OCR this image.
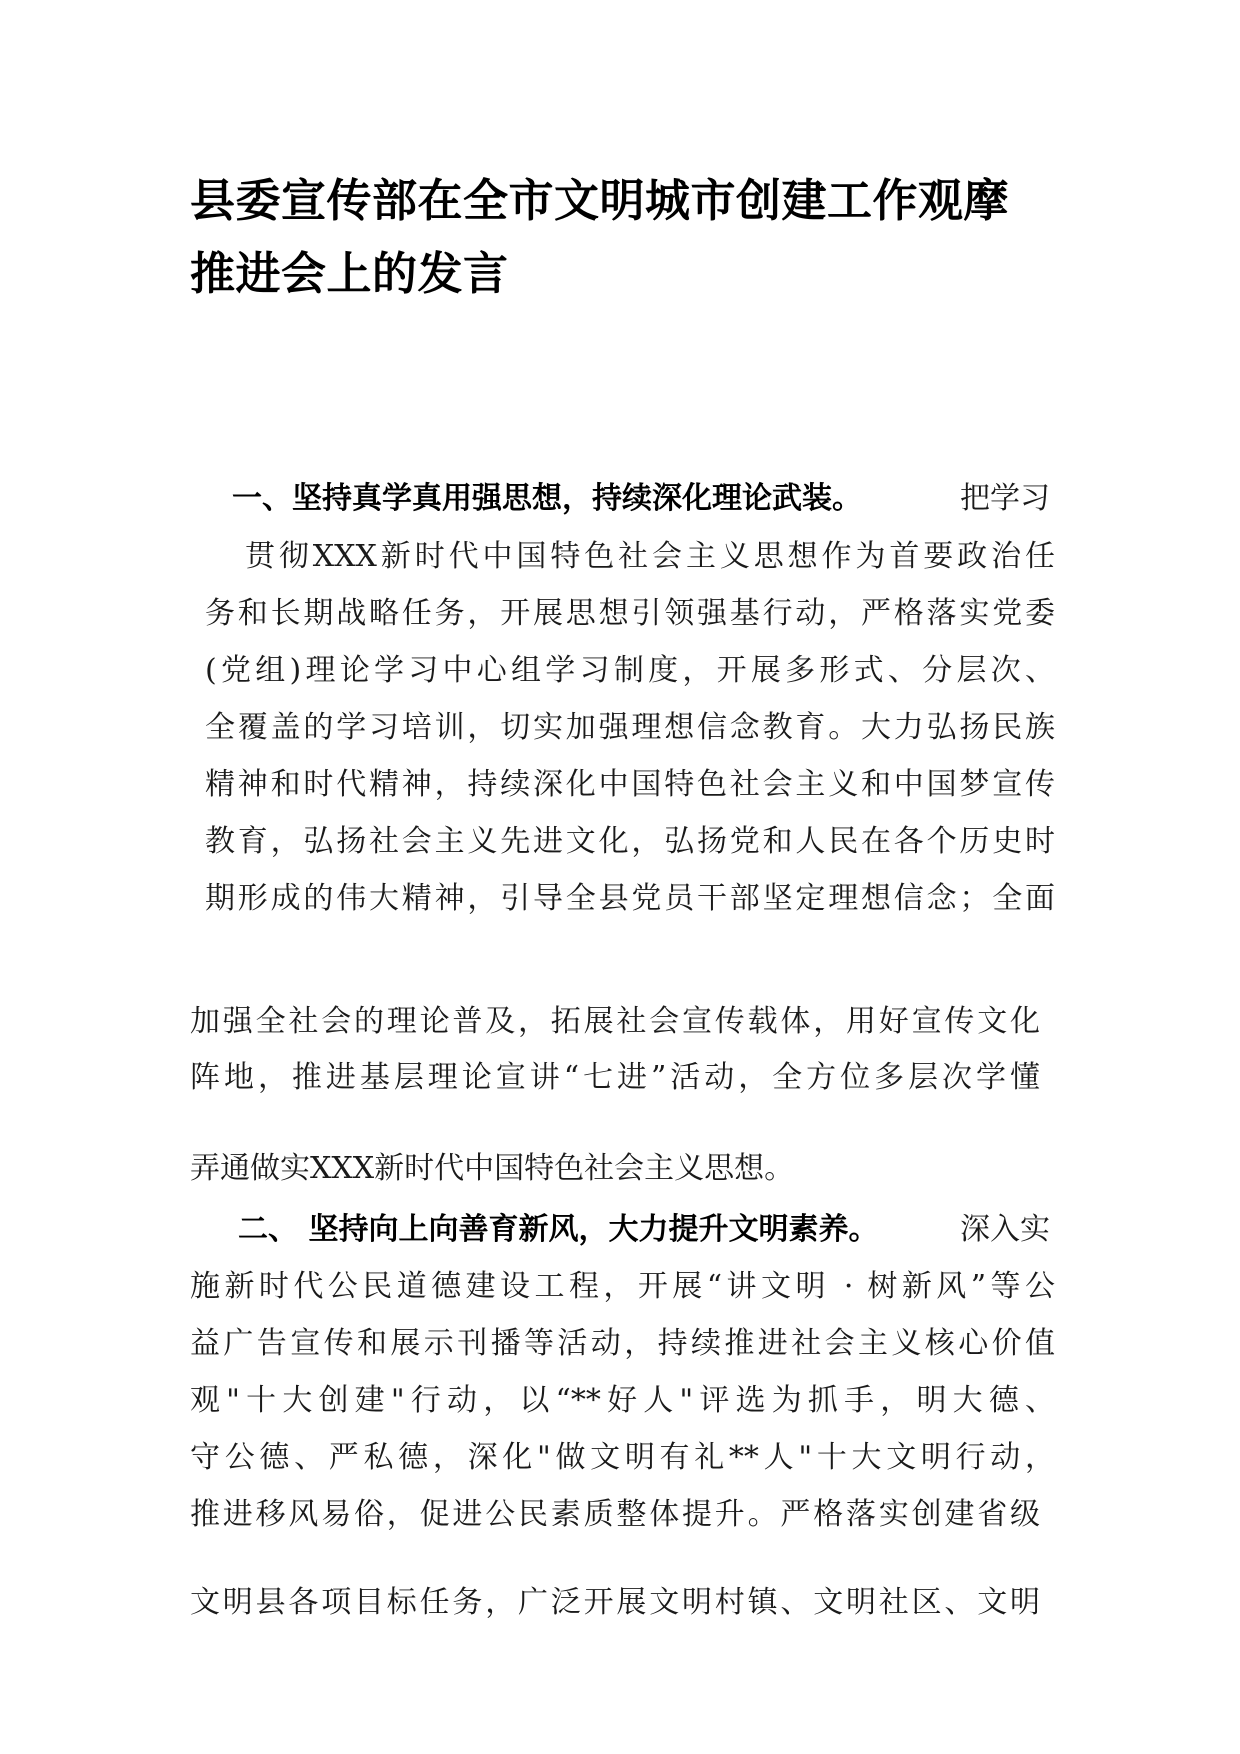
县委宣传部在全市文明城市创建工作观摩
推进会上的发言
一、坚持真学真用强思想，持续深化理论武装。	把学习
贯彻XXX新时代中国特色社会主义思想作为首要政治任
务和长期战略任务，开展思想引领强基行动，严格落实党委
(党组)理论学习中心组学习制度，开展多形式、分层次、
全覆盖的学习培训，切实加强理想信念教育。大力弘扬民族
精神和时代精神，持续深化中国特色社会主义和中国梦宣传
教育，弘扬社会主义先进文化，弘扬党和人民在各个历史时
期形成的伟大精神，引导全县党员干部坚定理想信念；全面
加强全社会的理论普及，拓展社会宣传载体，用好宣传文化
阵地，推进基层理论宣讲“七进”活动，全方位多层次学懂
弄通做实XXX新时代中国特色社会主义思想。
二、 坚持向上向善育新风，大力提升文明素养。	深入实
施新时代公民道德建设工程，开展“讲文明 · 树新风”等公
益广告宣传和展示刊播等活动，持续推进社会主义核心价值
观"十大创建"行动，以“**好人"评选为抓手，明大德、
守公德、严私德，深化"做文明有礼**人"十大文明行动，
推进移风易俗，促进公民素质整体提升。严格落实创建省级
文明县各项目标任务，广泛开展文明村镇、文明社区、文明
